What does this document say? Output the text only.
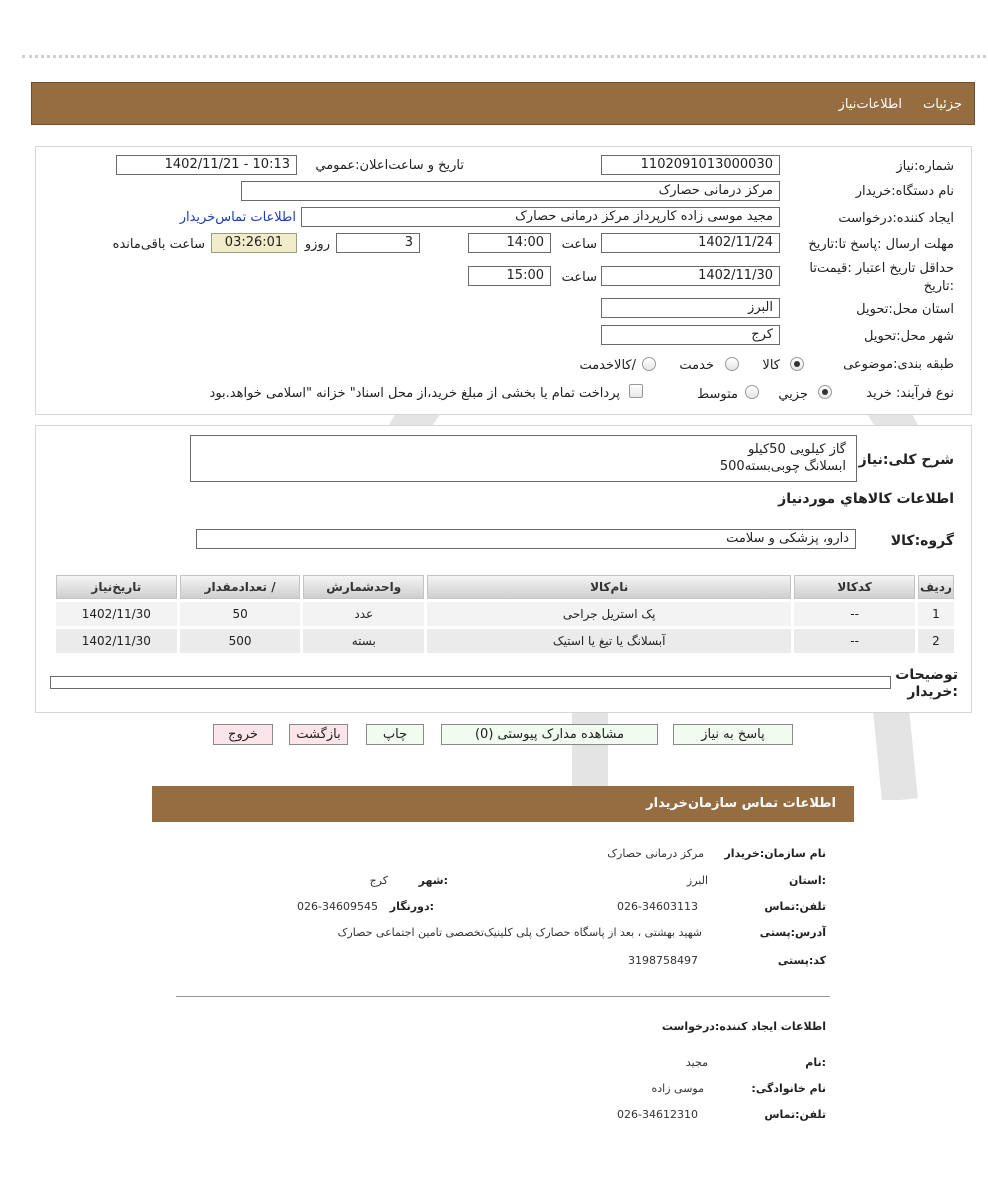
جزئیات
اطلاعات‌نیاز
شماره:نیاز
1102091013000030
تاريخ و ساعت‌اعلان:عمومي
1402/11/21 - 10:13
نام دستگاه:خریدار
مرکز درمانی حصارک
ایجاد کننده:درخواست
مجید موسی زاده کارپرداز مرکز درمانی حصارک
اطلاعات تماس‌خریدار
مهلت ارسال :پاسخ تا:تاریخ
1402/11/24
ساعت
14:00
3
روزو
03:26:01
ساعت باقی‌مانده
حداقل تاريخ اعتبار :قيمت‌تا :تاريخ
1402/11/30
ساعت
15:00
استان محل:تحویل
البرز
شهر محل:تحویل
کرج
طبقه بندی:موضوعی
کالا
خدمت
/کالاخدمت
نوع فرآیند: خرید
جزيي
متوسط
پرداخت تمام یا بخشی از مبلغ خرید،از محل اسناد" خزانه "اسلامی خواهد.بود
شرح کلی:نیاز
گاز کیلویی 50کیلو
ابسلانگ چوبی‌بسته500
اطلاعات کالاهاي مورد‌نیاز
گروه:کالا
دارو، پزشکی و سلامت
ردیف	کدکالا	نام‌کالا	واحدشمارش	/ تعدادمقدار	تاریخ‌نیاز
1	--	پک استریل جراحی	عدد	50	1402/11/30
2	--	آبسلانگ یا تیغ یا استیک	بسته	500	1402/11/30
توضیحات :خریدار
پاسخ به نیاز
مشاهده مدارک پیوستی (0)
چاپ
بازگشت
خروج
اطلاعات تماس سازمان‌خریدار
نام سازمان:خریدار
مرکز درمانی حصارک
:استان
البرز
:شهر
کرج
تلفن:تماس
026-34603113
:دورنگار
026-34609545
آدرس:پستی
شهید بهشتی ، بعد از پاسگاه حصارک پلی کلینیک‌تخصصی تامین اجتماعی حصارک
کد:پستی
3198758497
اطلاعات ایجاد کننده:درخواست
:نام
مجید
نام خانوادگی:
موسی زاده
تلفن:تماس
026-34612310
